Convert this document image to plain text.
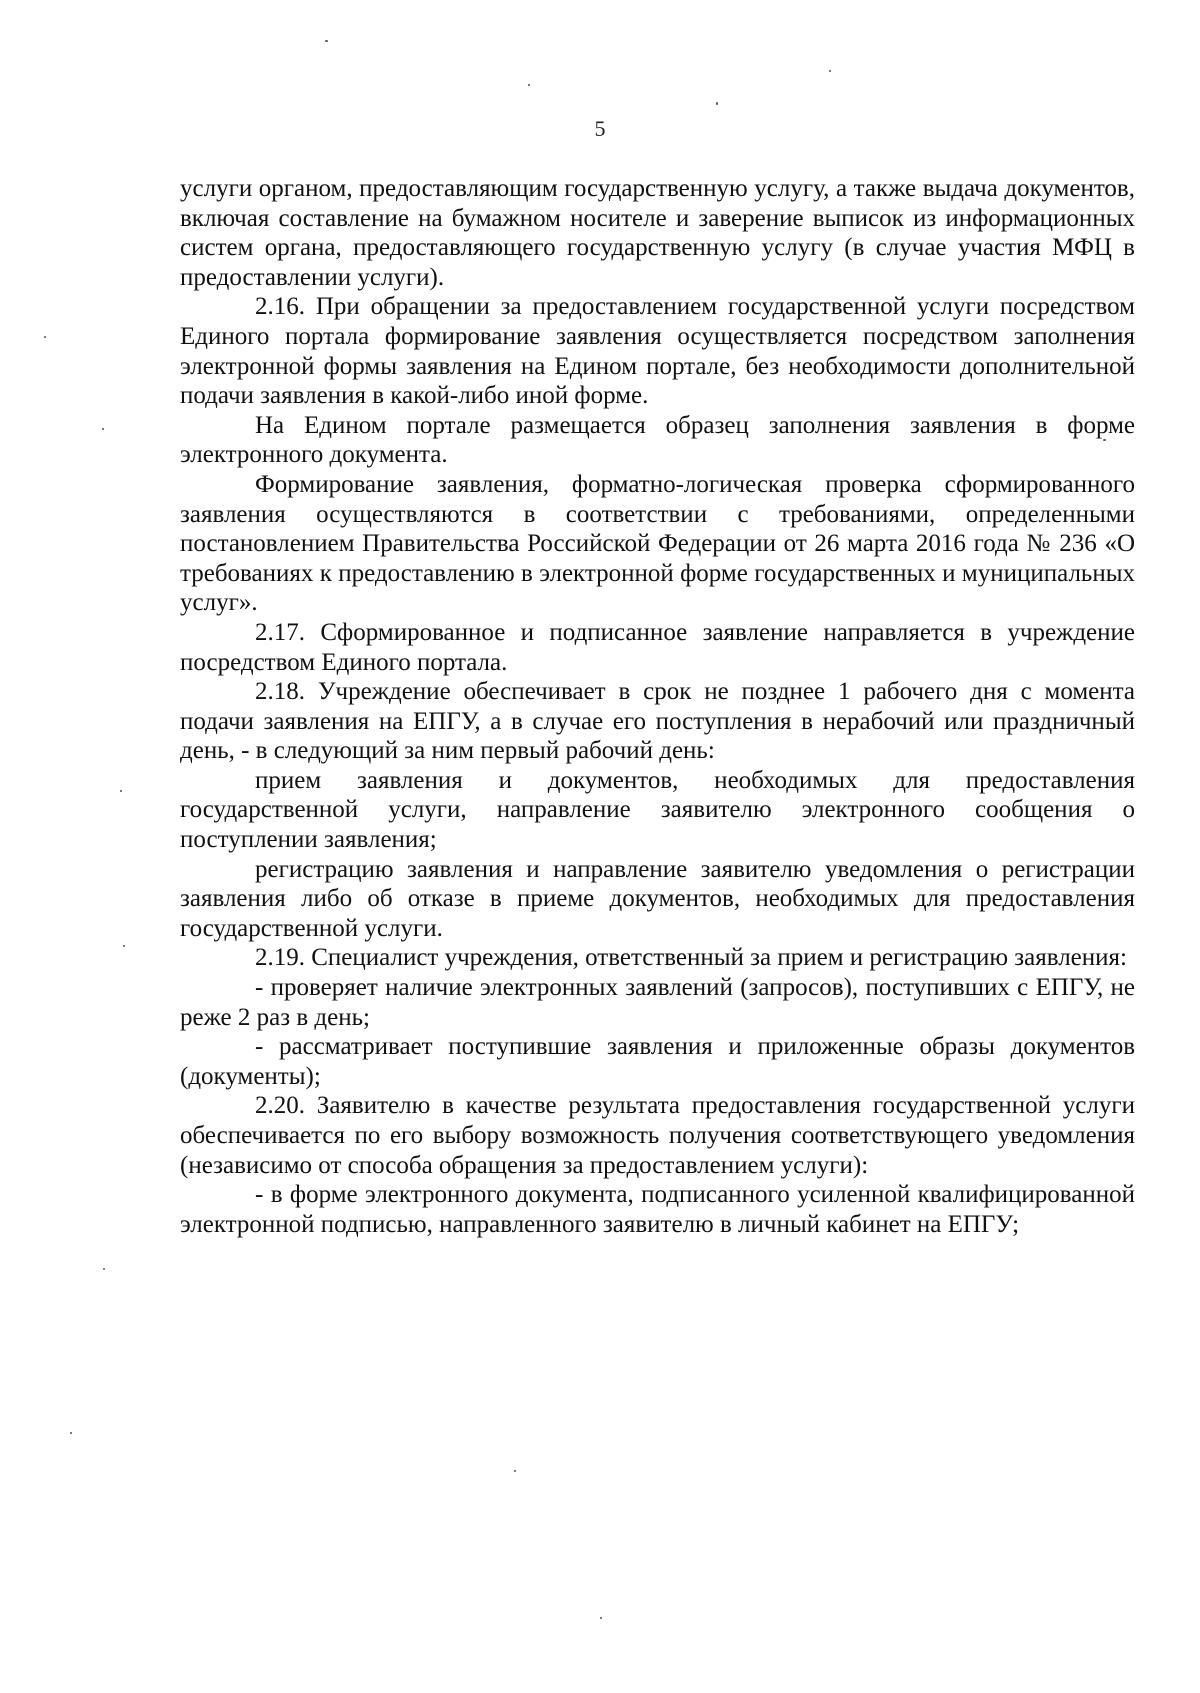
5

услуги органом, предоставляющим государственную услугу, а также выдача документов, включая составление на бумажном носителе и заверение выписок из информационных систем органа, предоставляющего государственную услугу (в случае участия МФЦ в предоставлении услуги).

2.16. При обращении за предоставлением государственной услуги посредством Единого портала формирование заявления осуществляется посредством заполнения электронной формы заявления на Едином портале, без необходимости дополнительной подачи заявления в какой-либо иной форме.

На Едином портале размещается образец заполнения заявления в форме электронного документа.

Формирование заявления, форматно-логическая проверка сформированного заявления осуществляются в соответствии с требованиями, определенными постановлением Правительства Российской Федерации от 26 марта 2016 года № 236 «О требованиях к предоставлению в электронной форме государственных и муниципальных услуг».

2.17. Сформированное и подписанное заявление направляется в учреждение посредством Единого портала.

2.18. Учреждение обеспечивает в срок не позднее 1 рабочего дня с момента подачи заявления на ЕПГУ, а в случае его поступления в нерабочий или праздничный день, - в следующий за ним первый рабочий день:

прием заявления и документов, необходимых для предоставления государственной услуги, направление заявителю электронного сообщения о поступлении заявления;

регистрацию заявления и направление заявителю уведомления о регистрации заявления либо об отказе в приеме документов, необходимых для предоставления государственной услуги.

2.19. Специалист учреждения, ответственный за прием и регистрацию заявления:

- проверяет наличие электронных заявлений (запросов), поступивших с ЕПГУ, не реже 2 раз в день;

- рассматривает поступившие заявления и приложенные образы документов (документы);

2.20. Заявителю в качестве результата предоставления государственной услуги обеспечивается по его выбору возможность получения соответствующего уведомления (независимо от способа обращения за предоставлением услуги):

- в форме электронного документа, подписанного усиленной квалифицированной электронной подписью, направленного заявителю в личный кабинет на ЕПГУ;
